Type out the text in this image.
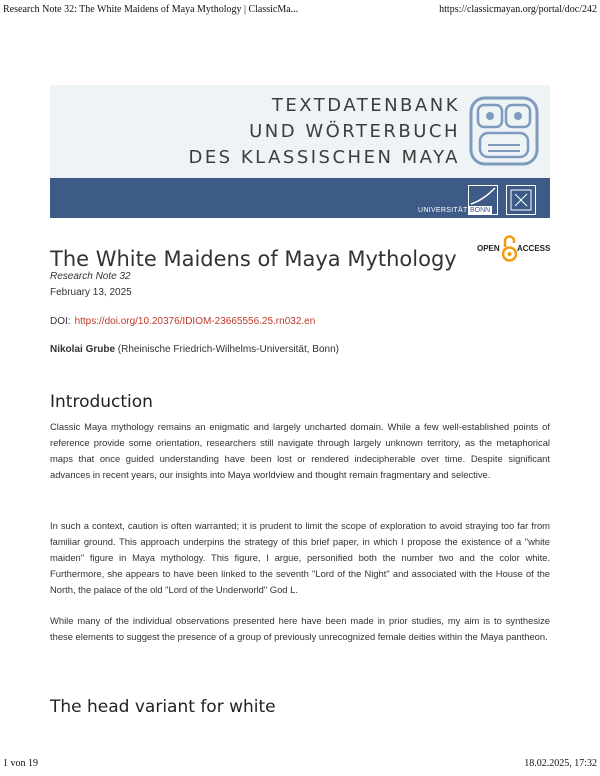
Research Note 32: The White Maidens of Maya Mythology | ClassicMa...	https://classicmayan.org/portal/doc/242
TEXTDATENBANK
UND WÖRTERBUCH
DES KLASSISCHEN MAYA
UNIVERSITÄT BONN
The White Maidens of Maya Mythology	OPEN ACCESS
Research Note 32
February 13, 2025
DOI: https://doi.org/10.20376/IDIOM-23665556.25.rn032.en
Nikolai Grube (Rheinische Friedrich-Wilhelms-Universität, Bonn)
Introduction

Classic Maya mythology remains an enigmatic and largely uncharted domain. While a few well-established points of reference provide some orientation, researchers still navigate through largely unknown territory, as the metaphorical maps that once guided understanding have been lost or rendered indecipherable over time. Despite significant advances in recent years, our insights into Maya worldview and thought remain fragmentary and selective.

In such a context, caution is often warranted; it is prudent to limit the scope of exploration to avoid straying too far from familiar ground. This approach underpins the strategy of this brief paper, in which I propose the existence of a "white maiden" figure in Maya mythology. This figure, I argue, personified both the number two and the color white. Furthermore, she appears to have been linked to the seventh "Lord of the Night" and associated with the House of the North, the palace of the old "Lord of the Underworld" God L.

While many of the individual observations presented here have been made in prior studies, my aim is to synthesize these elements to suggest the presence of a group of previously unrecognized female deities within the Maya pantheon.

The head variant for white
1 von 19	18.02.2025, 17:32
